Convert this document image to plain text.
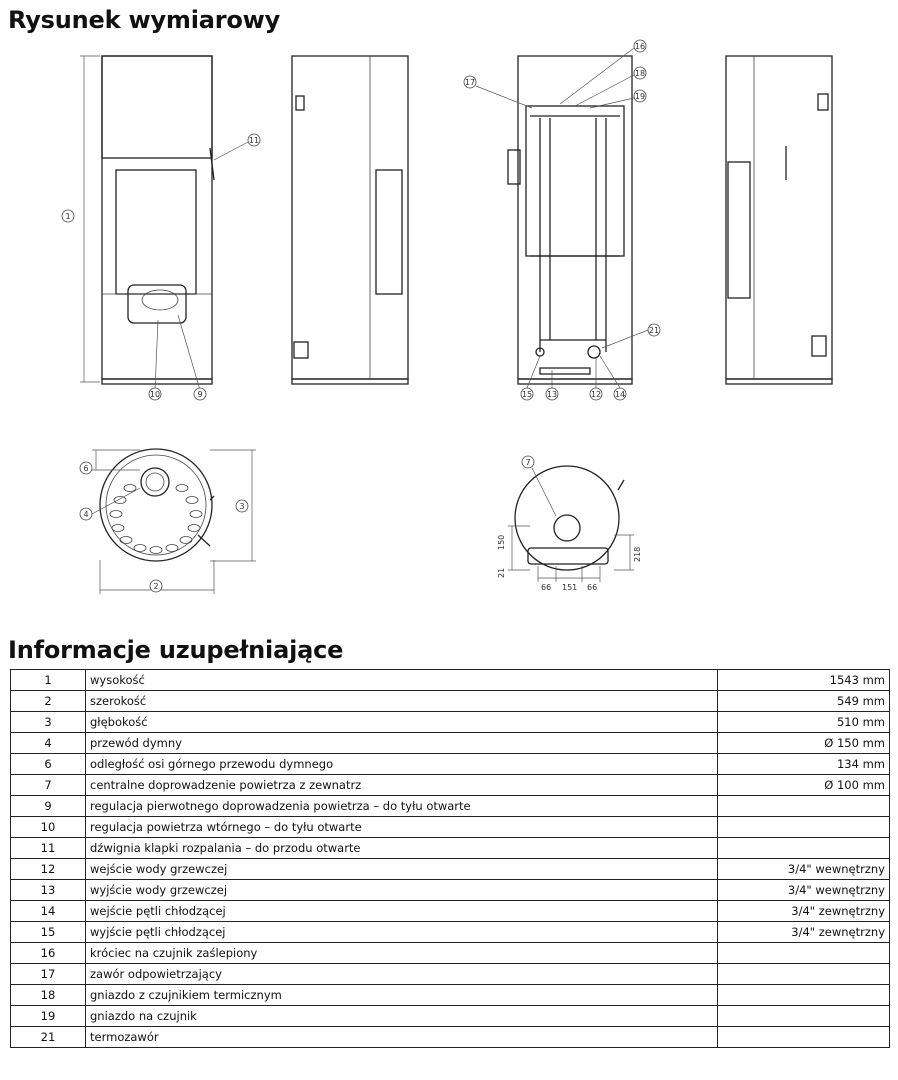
Rysunek wymiarowy
150
21
66 151 66
218
1
11
10	9
16
17
18
19
21
15 13	12 14
6
4
3
2
7
Informacje uzupełniające
1	wysokość	1543 mm
2	szerokość	549 mm
3	głębokość	510 mm
4	przewód dymny	Ø 150 mm
6	odległość osi górnego przewodu dymnego	134 mm
7	centralne doprowadzenie powietrza z zewnatrz	Ø 100 mm
9	regulacja pierwotnego doprowadzenia powietrza – do tyłu otwarte	
10	regulacja powietrza wtórnego – do tyłu otwarte	
11	dźwignia klapki rozpalania – do przodu otwarte	
12	wejście wody grzewczej	3/4" wewnętrzny
13	wyjście wody grzewczej	3/4" wewnętrzny
14	wejście pętli chłodzącej	3/4" zewnętrzny
15	wyjście pętli chłodzącej	3/4" zewnętrzny
16	króciec na czujnik zaślepiony	
17	zawór odpowietrzający	
18	gniazdo z czujnikiem termicznym	
19	gniazdo na czujnik	
21	termozawór	
